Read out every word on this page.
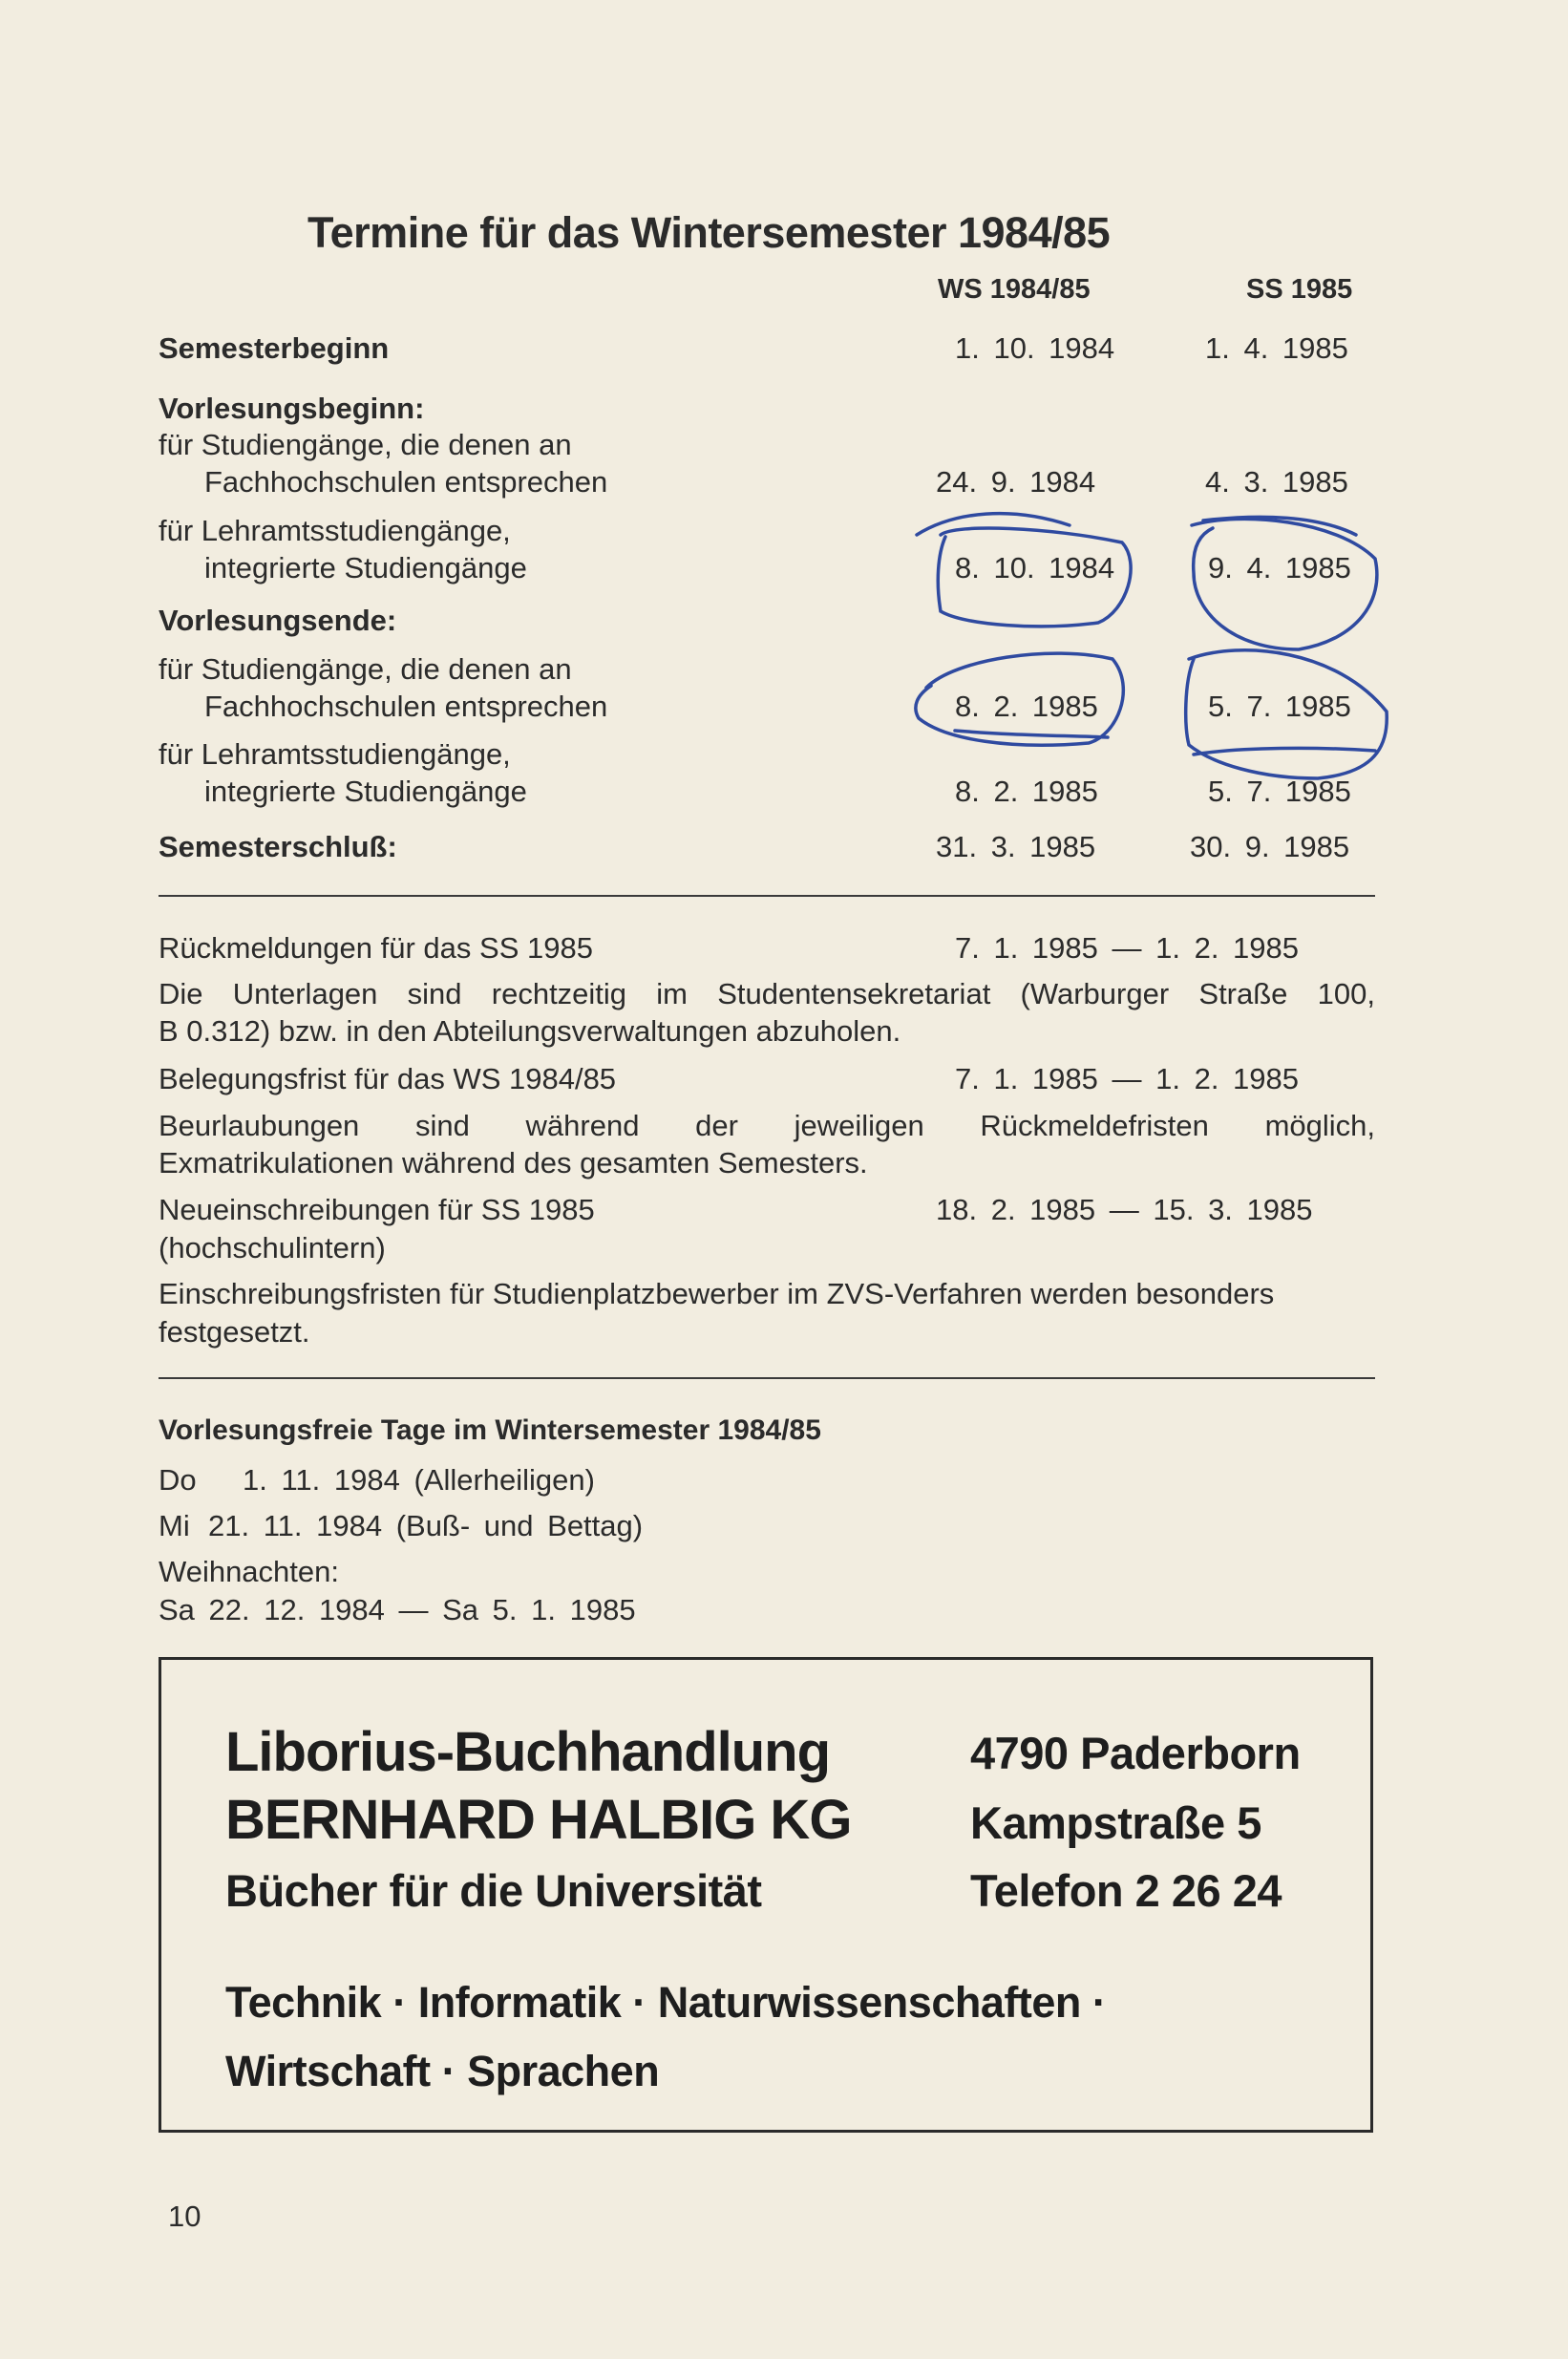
Termine für das Wintersemester 1984/85
WS 1984/85	SS 1985
Semesterbeginn	1. 10. 1984	1. 4. 1985
Vorlesungsbeginn:
für Studiengänge, die denen an
Fachhochschulen entsprechen	24. 9. 1984	4. 3. 1985
für Lehramtsstudiengänge,
integrierte Studiengänge	8. 10. 1984	9. 4. 1985
Vorlesungsende:
für Studiengänge, die denen an
Fachhochschulen entsprechen	8. 2. 1985	5. 7. 1985
für Lehramtsstudiengänge,
integrierte Studiengänge	8. 2. 1985	5. 7. 1985
Semesterschluß:	31. 3. 1985	30. 9. 1985
Rückmeldungen für das SS 1985	7. 1. 1985 — 1. 2. 1985
Die Unterlagen sind rechtzeitig im Studentensekretariat (Warburger Straße 100,
B 0.312) bzw. in den Abteilungsverwaltungen abzuholen.
Belegungsfrist für das WS 1984/85	7. 1. 1985 — 1. 2. 1985
Beurlaubungen sind während der jeweiligen Rückmeldefristen möglich,
Exmatrikulationen während des gesamten Semesters.
Neueinschreibungen für SS 1985	18. 2. 1985 — 15. 3. 1985
(hochschulintern)
Einschreibungsfristen für Studienplatzbewerber im ZVS-Verfahren werden besonders
festgesetzt.
Vorlesungsfreie Tage im Wintersemester 1984/85
Do 1. 11. 1984 (Allerheiligen)
Mi 21. 11. 1984 (Buß- und Bettag)
Weihnachten:
Sa 22. 12. 1984 — Sa 5. 1. 1985
Liborius-Buchhandlung
BERNHARD HALBIG KG
Bücher für die Universität
4790 Paderborn
Kampstraße 5
Telefon 2 26 24
Technik · Informatik · Naturwissenschaften ·
Wirtschaft · Sprachen
10
